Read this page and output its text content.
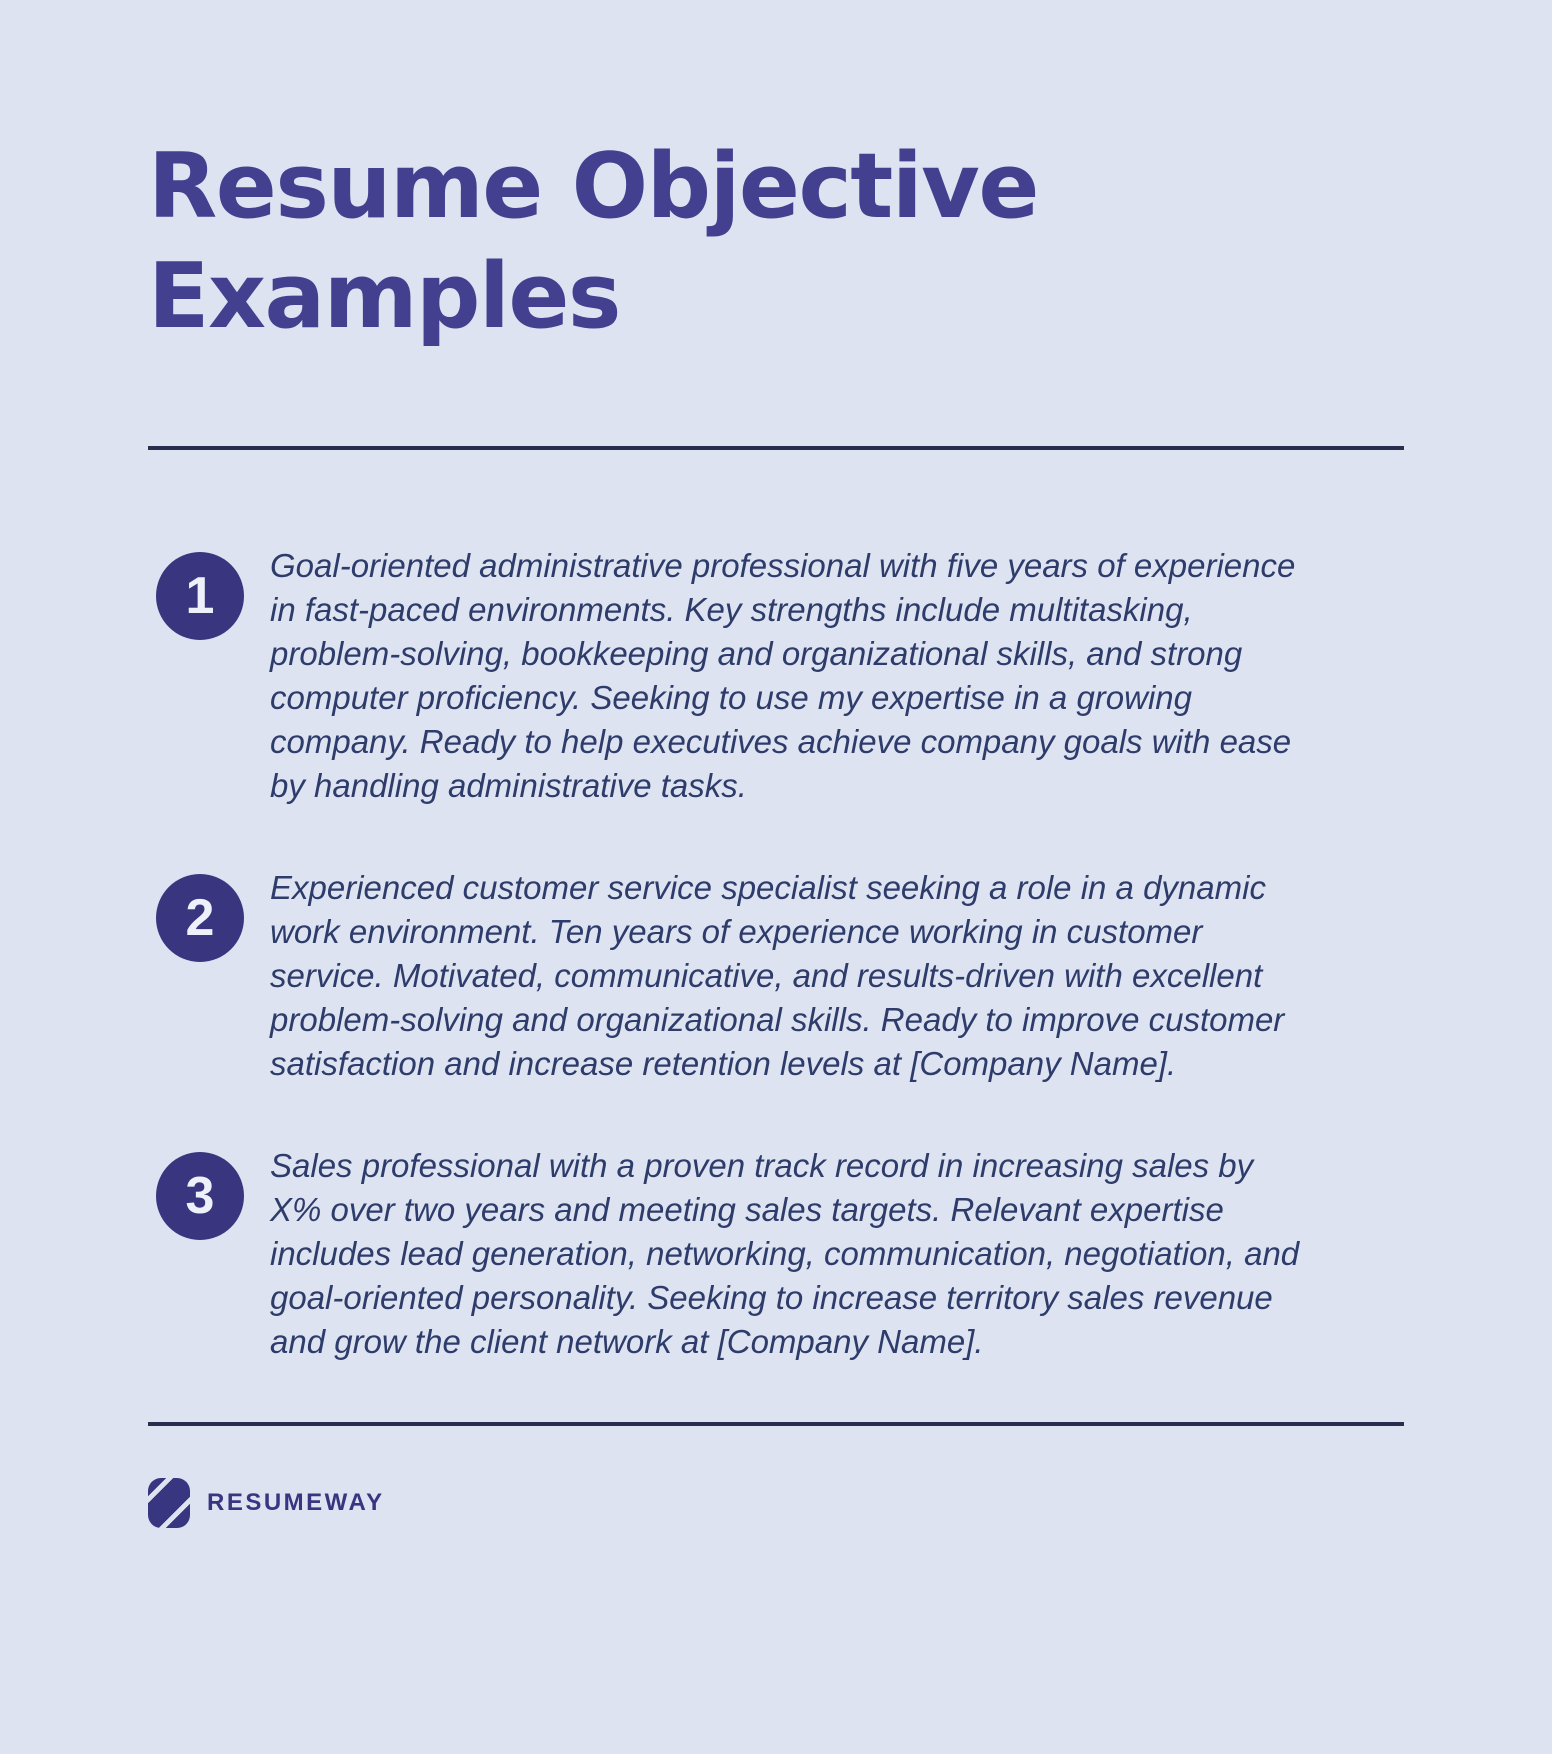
Resume Objective Examples
1

Goal-oriented administrative professional with five years of experience in fast-paced environments. Key strengths include multitasking, problem-solving, bookkeeping and organizational skills, and strong computer proficiency. Seeking to use my expertise in a growing company. Ready to help executives achieve company goals with ease by handling administrative tasks.

2

Experienced customer service specialist seeking a role in a dynamic work environment. Ten years of experience working in customer service. Motivated, communicative, and results-driven with excellent problem-solving and organizational skills. Ready to improve customer satisfaction and increase retention levels at [Company Name].

3

Sales professional with a proven track record in increasing sales by X% over two years and meeting sales targets. Relevant expertise includes lead generation, networking, communication, negotiation, and goal-oriented personality. Seeking to increase territory sales revenue and grow the client network at [Company Name].

RESUMEWAY
